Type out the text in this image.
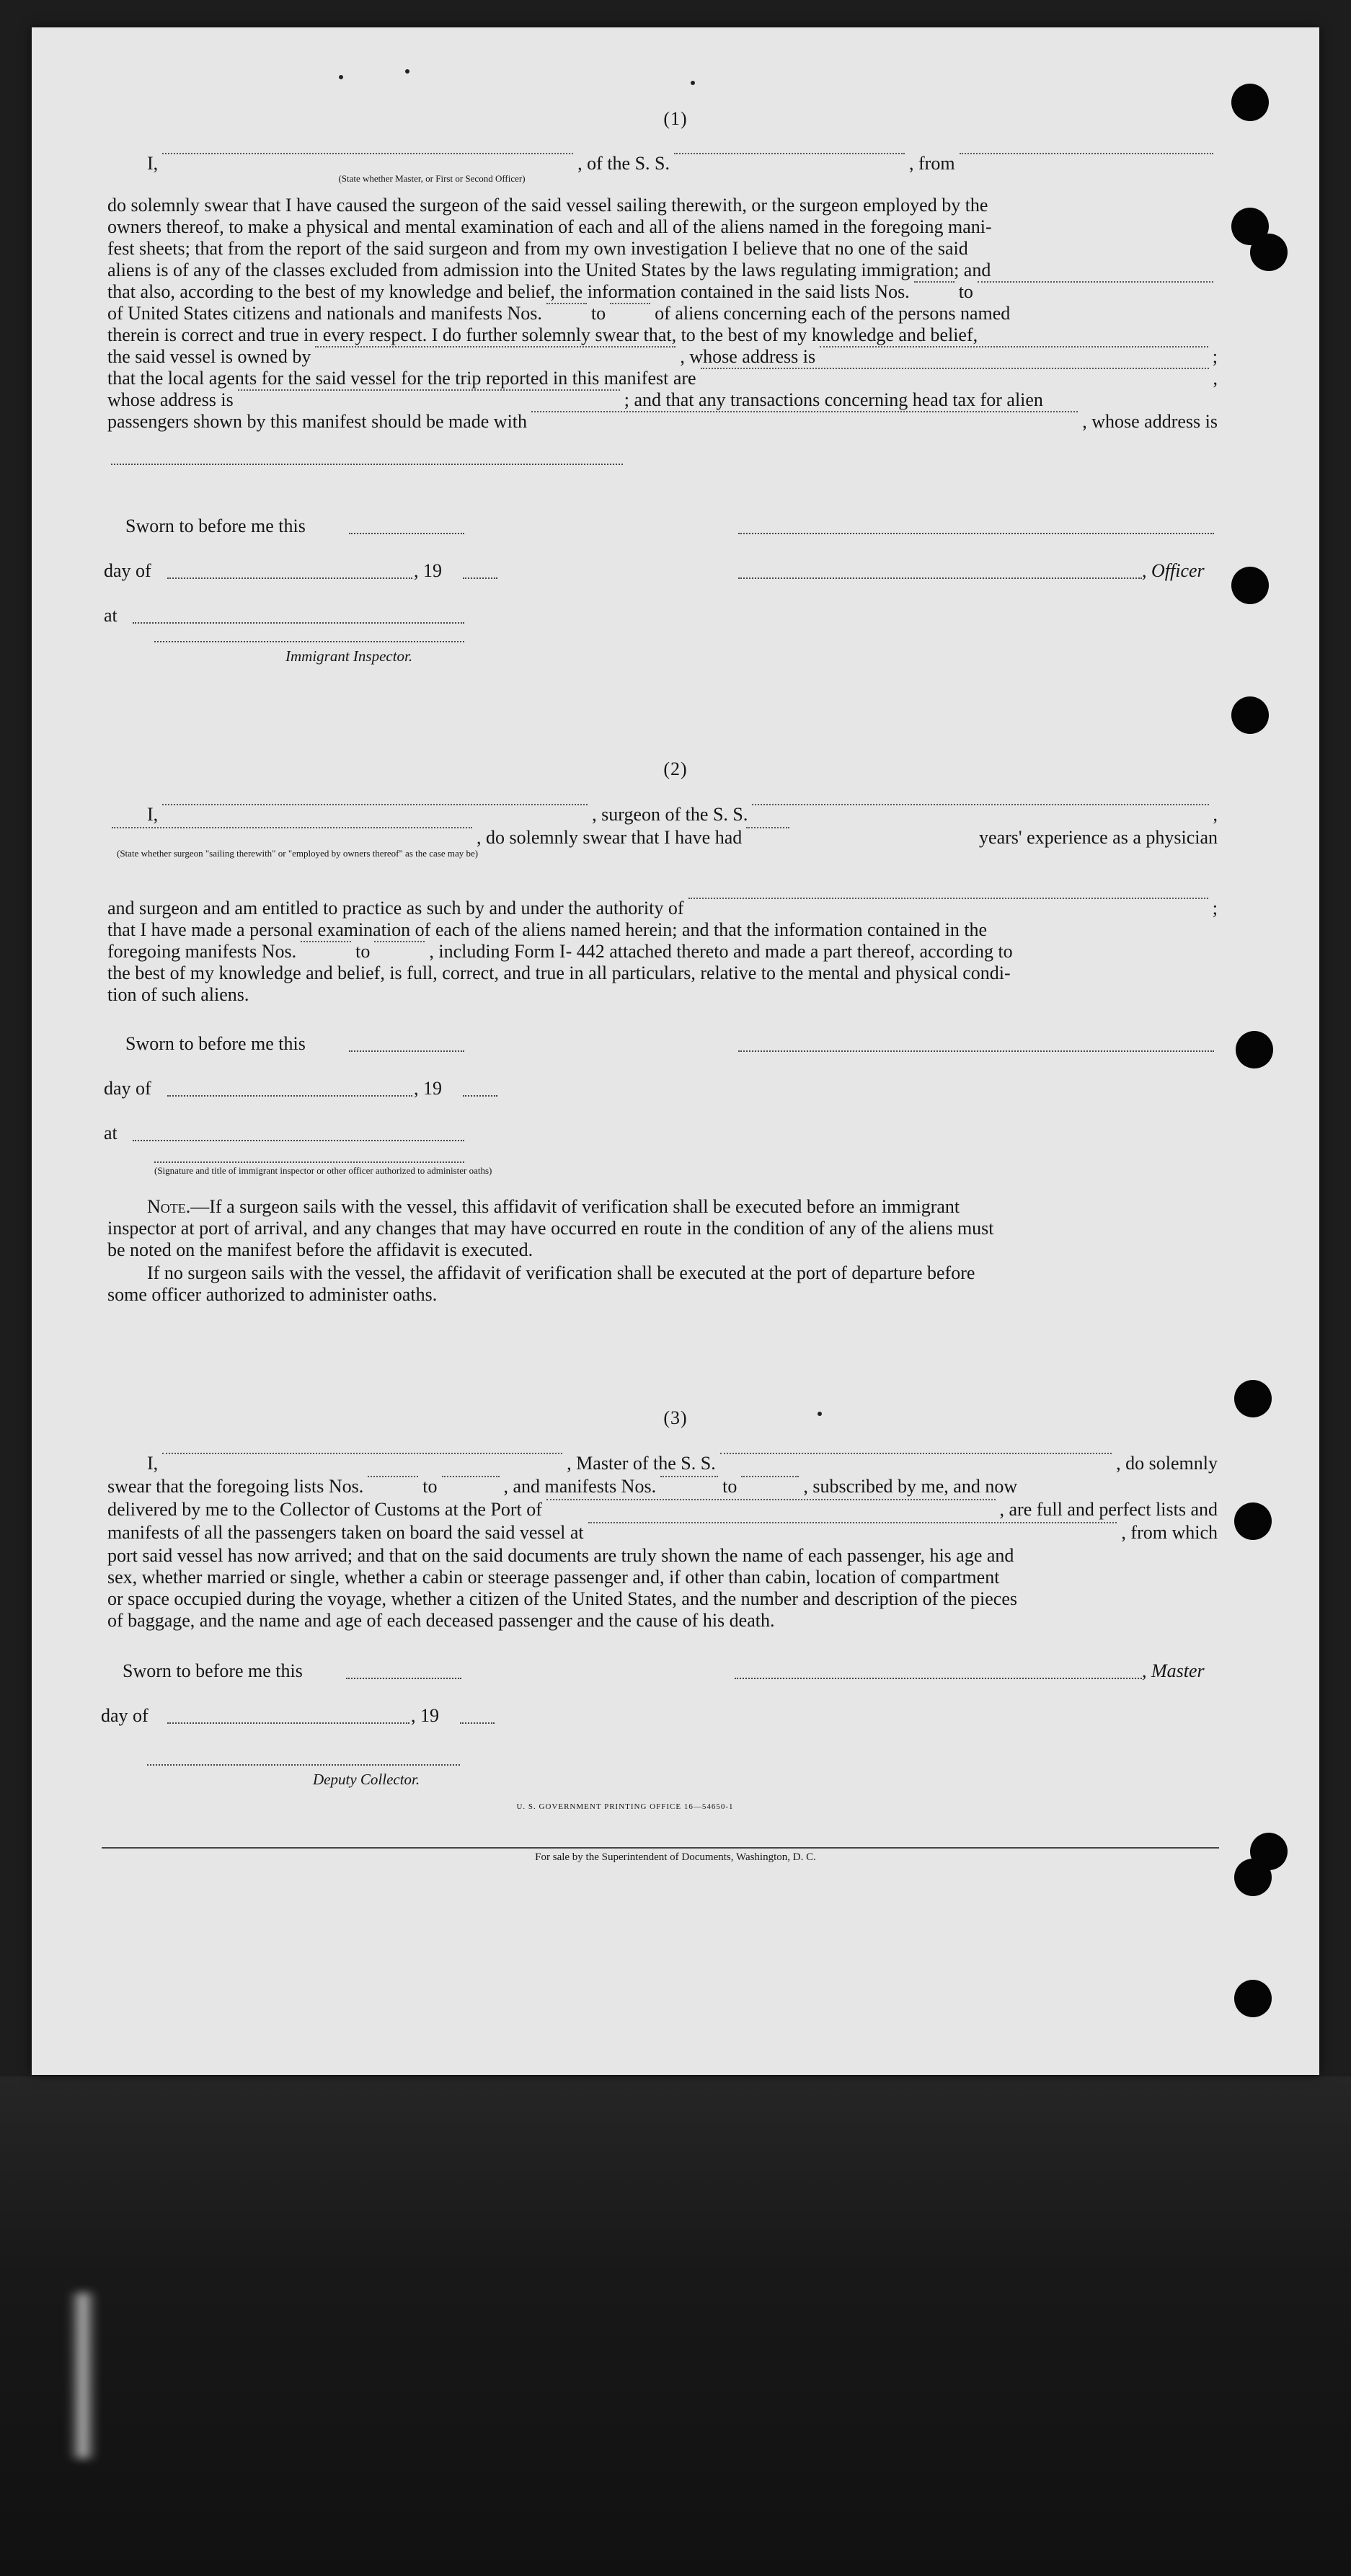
(1)
I,	, of the S. S.	, from
(State whether Master, or First or Second Officer)
do solemnly swear that I have caused the surgeon of the said vessel sailing therewith, or the surgeon employed by the
owners thereof, to make a physical and mental examination of each and all of the aliens named in the foregoing mani-
fest sheets; that from the report of the said surgeon and from my own investigation I believe that no one of the said
aliens is of any of the classes excluded from admission into the United States by the laws regulating immigration; and
that also, according to the best of my knowledge and belief, the information contained in the said lists Nos.	to
of United States citizens and nationals and manifests Nos.	to	of aliens concerning each of the persons named
therein is correct and true in every respect. I do further solemnly swear that, to the best of my knowledge and belief,
the said vessel is owned by	, whose address is	;
that the local agents for the said vessel for the trip reported in this manifest are	,
whose address is	; and that any transactions concerning head tax for alien
passengers shown by this manifest should be made with	, whose address is
Sworn to before me this
day of	, 19	, Officer
at
Immigrant Inspector.
(2)
I,	, surgeon of the S. S.	,
, do solemnly swear that I have had	years' experience as a physician
(State whether surgeon "sailing therewith" or "employed by owners thereof" as the case may be)
and surgeon and am entitled to practice as such by and under the authority of	;
that I have made a personal examination of each of the aliens named herein; and that the information contained in the
foregoing manifests Nos.	to	, including Form I- 442 attached thereto and made a part thereof, according to
the best of my knowledge and belief, is full, correct, and true in all particulars, relative to the mental and physical condi-
tion of such aliens.
Sworn to before me this
day of	, 19
at
(Signature and title of immigrant inspector or other officer authorized to administer oaths)
Note. —If a surgeon sails with the vessel, this affidavit of verification shall be executed before an immigrant
inspector at port of arrival, and any changes that may have occurred en route in the condition of any of the aliens must
be noted on the manifest before the affidavit is executed.
If no surgeon sails with the vessel, the affidavit of verification shall be executed at the port of departure before
some officer authorized to administer oaths.
(3)
I,	, Master of the S. S.	, do solemnly
swear that the foregoing lists Nos.	to	, and manifests Nos.	to	, subscribed by me, and now
delivered by me to the Collector of Customs at the Port of	, are full and perfect lists and
manifests of all the passengers taken on board the said vessel at	, from which
port said vessel has now arrived; and that on the said documents are truly shown the name of each passenger, his age and
sex, whether married or single, whether a cabin or steerage passenger and, if other than cabin, location of compartment
or space occupied during the voyage, whether a citizen of the United States, and the number and description of the pieces
of baggage, and the name and age of each deceased passenger and the cause of his death.
Sworn to before me this	, Master
day of	, 19
Deputy Collector.
U. S. GOVERNMENT PRINTING OFFICE 16—54650-1
For sale by the Superintendent of Documents, Washington, D. C.
